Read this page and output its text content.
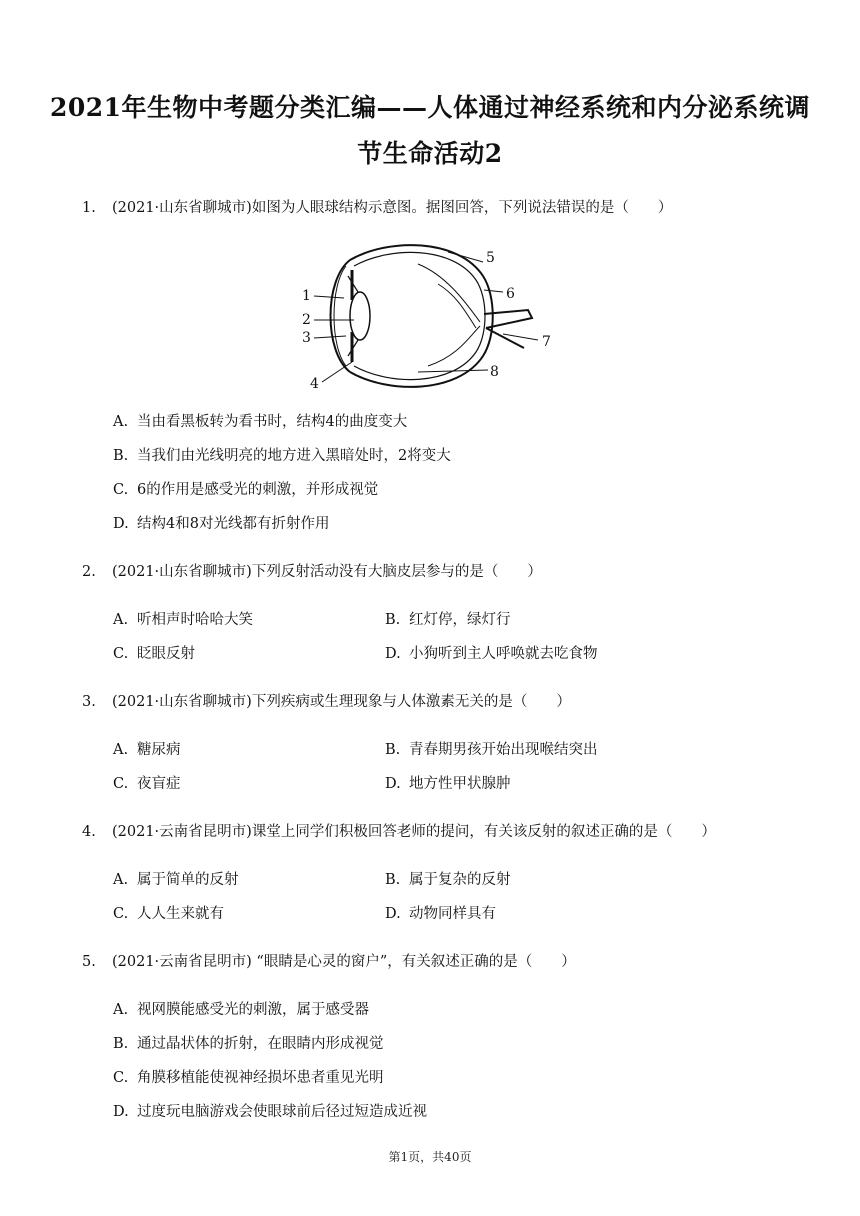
2021年生物中考题分类汇编——人体通过神经系统和内分泌系统调
节生命活动2
1. (2021·山东省聊城市)如图为人眼球结构示意图。据图回答，下列说法错误的是（　　）
1
2
3
4
5
6
7
8
A. 当由看黑板转为看书时，结构4的曲度变大
B. 当我们由光线明亮的地方进入黑暗处时，2将变大
C. 6的作用是感受光的刺激，并形成视觉
D. 结构4和8对光线都有折射作用
2. (2021·山东省聊城市)下列反射活动没有大脑皮层参与的是（　　）
A. 听相声时哈哈大笑	B. 红灯停，绿灯行
C. 眨眼反射	D. 小狗听到主人呼唤就去吃食物
3. (2021·山东省聊城市)下列疾病或生理现象与人体激素无关的是（　　）
A. 糖尿病	B. 青春期男孩开始出现喉结突出
C. 夜盲症	D. 地方性甲状腺肿
4. (2021·云南省昆明市)课堂上同学们积极回答老师的提问，有关该反射的叙述正确的是（　　）
A. 属于简单的反射	B. 属于复杂的反射
C. 人人生来就有	D. 动物同样具有
5. (2021·云南省昆明市) “眼睛是心灵的窗户”，有关叙述正确的是（　　）
A. 视网膜能感受光的刺激，属于感受器
B. 通过晶状体的折射，在眼睛内形成视觉
C. 角膜移植能使视神经损坏患者重见光明
D. 过度玩电脑游戏会使眼球前后径过短造成近视
第1页，共40页
